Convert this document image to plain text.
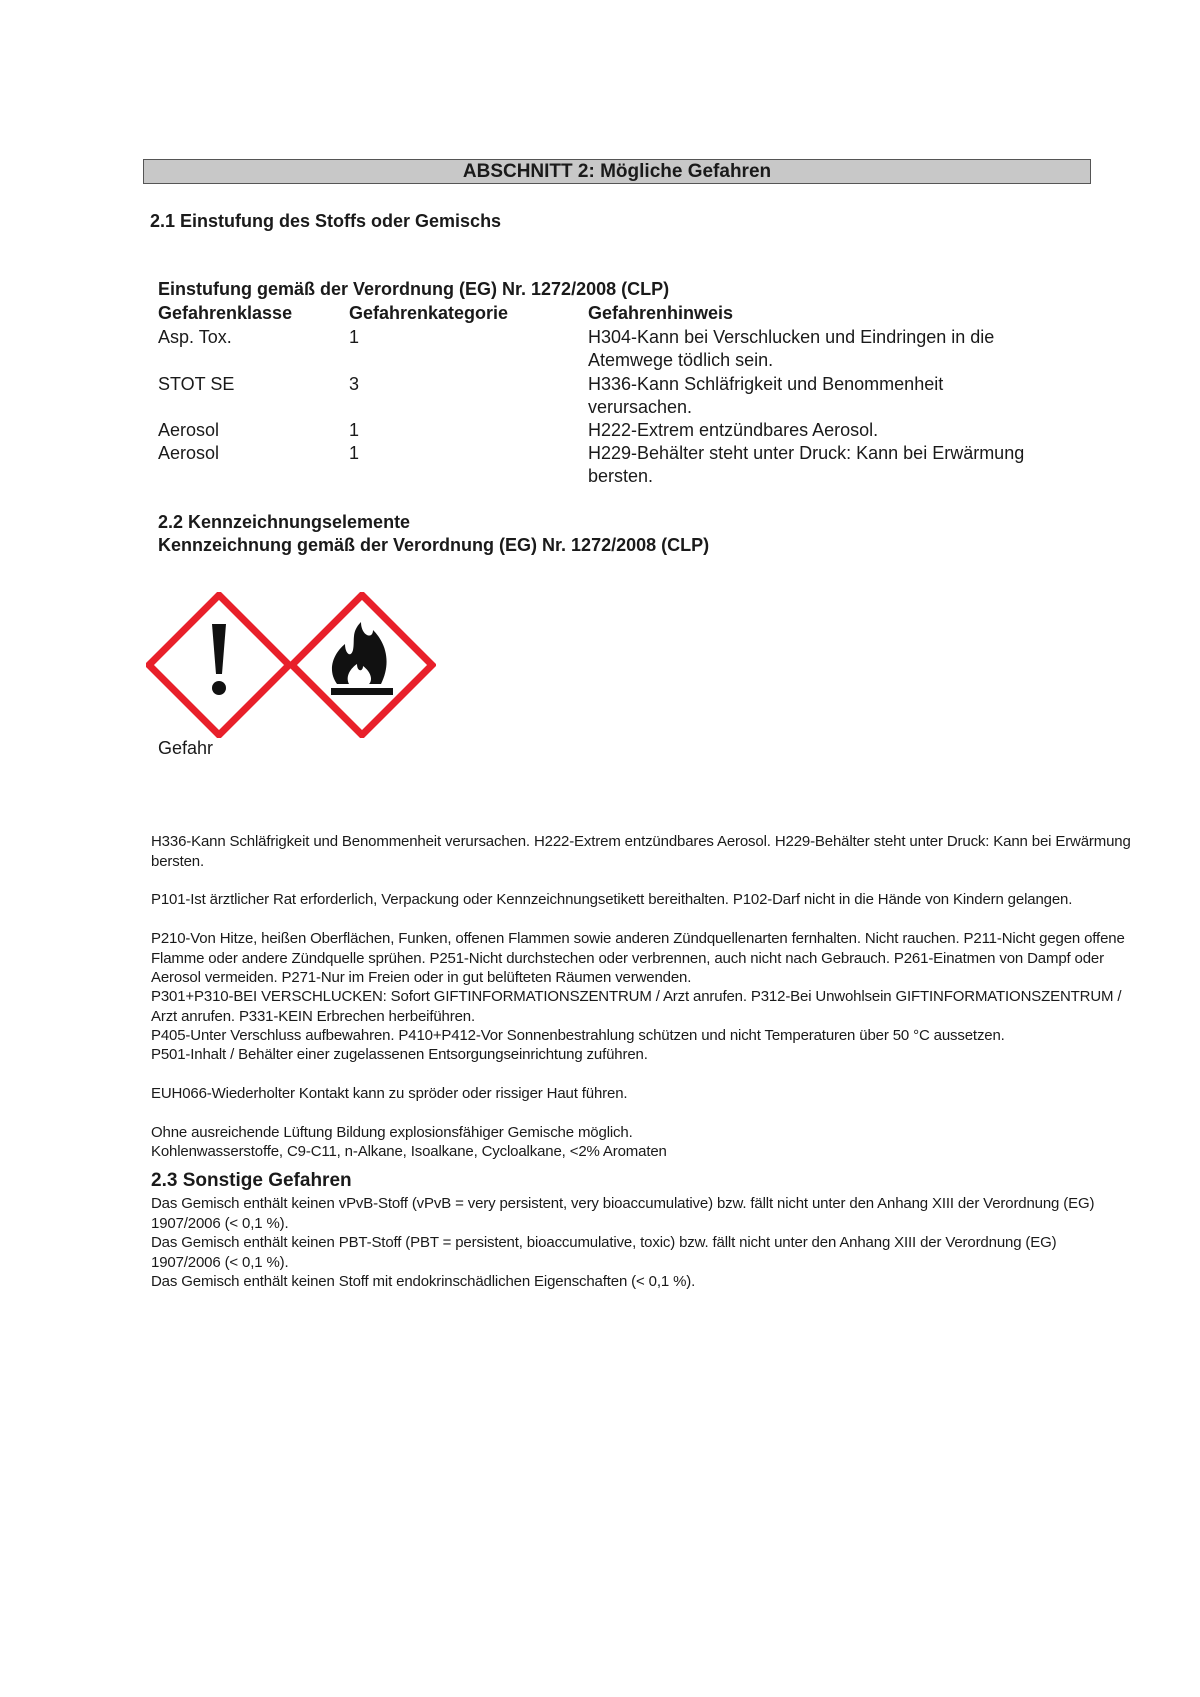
ABSCHNITT 2: Mögliche Gefahren
2.1 Einstufung des Stoffs oder Gemischs
Einstufung gemäß der Verordnung (EG) Nr. 1272/2008 (CLP)
Gefahrenklasse	Gefahrenkategorie	Gefahrenhinweis
Asp. Tox.	1	H304-Kann bei Verschlucken und Eindringen in die Atemwege tödlich sein.
STOT SE	3	H336-Kann Schläfrigkeit und Benommenheit verursachen.
Aerosol	1	H222-Extrem entzündbares Aerosol.
Aerosol	1	H229-Behälter steht unter Druck: Kann bei Erwärmung bersten.
2.2 Kennzeichnungselemente
Kennzeichnung gemäß der Verordnung (EG) Nr. 1272/2008 (CLP)
Gefahr
H336-Kann Schläfrigkeit und Benommenheit verursachen. H222-Extrem entzündbares Aerosol. H229-Behälter steht unter Druck: Kann bei Erwärmung bersten.
P101-Ist ärztlicher Rat erforderlich, Verpackung oder Kennzeichnungsetikett bereithalten. P102-Darf nicht in die Hände von Kindern gelangen.
P210-Von Hitze, heißen Oberflächen, Funken, offenen Flammen sowie anderen Zündquellenarten fernhalten. Nicht rauchen. P211-Nicht gegen offene Flamme oder andere Zündquelle sprühen. P251-Nicht durchstechen oder verbrennen, auch nicht nach Gebrauch. P261-Einatmen von Dampf oder Aerosol vermeiden. P271-Nur im Freien oder in gut belüfteten Räumen verwenden.
P301+P310-BEI VERSCHLUCKEN: Sofort GIFTINFORMATIONSZENTRUM / Arzt anrufen. P312-Bei Unwohlsein GIFTINFORMATIONSZENTRUM / Arzt anrufen. P331-KEIN Erbrechen herbeiführen.
P405-Unter Verschluss aufbewahren. P410+P412-Vor Sonnenbestrahlung schützen und nicht Temperaturen über 50 °C aussetzen.
P501-Inhalt / Behälter einer zugelassenen Entsorgungseinrichtung zuführen.
EUH066-Wiederholter Kontakt kann zu spröder oder rissiger Haut führen.
Ohne ausreichende Lüftung Bildung explosionsfähiger Gemische möglich.
Kohlenwasserstoffe, C9-C11, n-Alkane, Isoalkane, Cycloalkane, <2% Aromaten
2.3 Sonstige Gefahren
Das Gemisch enthält keinen vPvB-Stoff (vPvB = very persistent, very bioaccumulative) bzw. fällt nicht unter den Anhang XIII der Verordnung (EG) 1907/2006 (< 0,1 %).
Das Gemisch enthält keinen PBT-Stoff (PBT = persistent, bioaccumulative, toxic) bzw. fällt nicht unter den Anhang XIII der Verordnung (EG) 1907/2006 (< 0,1 %).
Das Gemisch enthält keinen Stoff mit endokrinschädlichen Eigenschaften (< 0,1 %).
